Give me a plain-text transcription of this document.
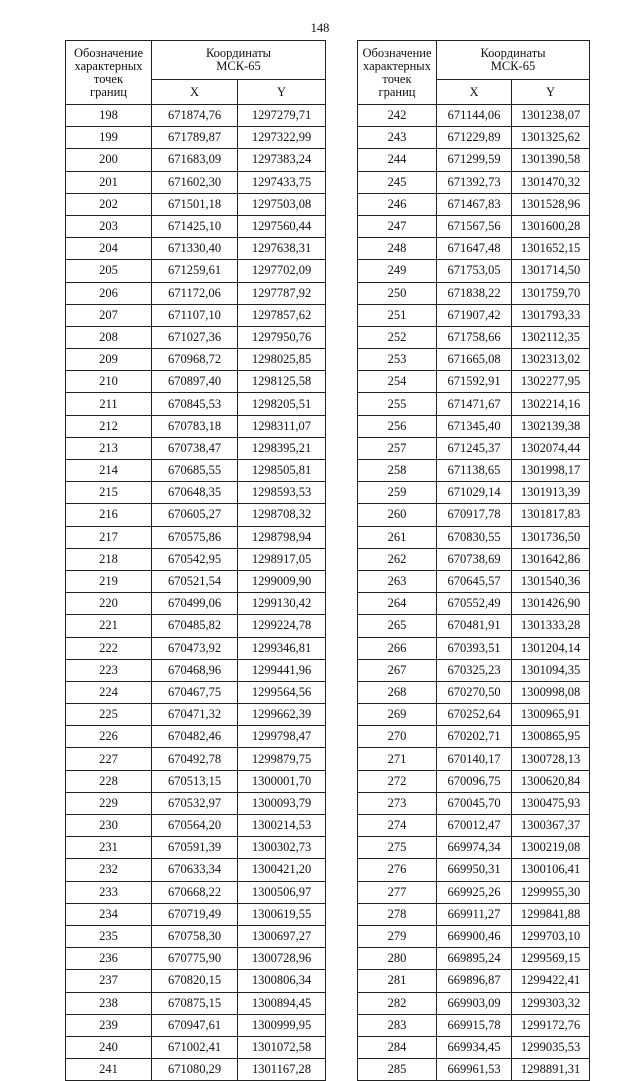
148
Обозначение
характерных
точек
границ	Координаты
МСК-65	
	X	Y
198	671874,76	1297279,71
199	671789,87	1297322,99
200	671683,09	1297383,24
201	671602,30	1297433,75
202	671501,18	1297503,08
203	671425,10	1297560,44
204	671330,40	1297638,31
205	671259,61	1297702,09
206	671172,06	1297787,92
207	671107,10	1297857,62
208	671027,36	1297950,76
209	670968,72	1298025,85
210	670897,40	1298125,58
211	670845,53	1298205,51
212	670783,18	1298311,07
213	670738,47	1298395,21
214	670685,55	1298505,81
215	670648,35	1298593,53
216	670605,27	1298708,32
217	670575,86	1298798,94
218	670542,95	1298917,05
219	670521,54	1299009,90
220	670499,06	1299130,42
221	670485,82	1299224,78
222	670473,92	1299346,81
223	670468,96	1299441,96
224	670467,75	1299564,56
225	670471,32	1299662,39
226	670482,46	1299798,47
227	670492,78	1299879,75
228	670513,15	1300001,70
229	670532,97	1300093,79
230	670564,20	1300214,53
231	670591,39	1300302,73
232	670633,34	1300421,20
233	670668,22	1300506,97
234	670719,49	1300619,55
235	670758,30	1300697,27
236	670775,90	1300728,96
237	670820,15	1300806,34
238	670875,15	1300894,45
239	670947,61	1300999,95
240	671002,41	1301072,58
241	671080,29	1301167,28
Обозначение
характерных
точек
границ	Координаты
МСК-65	
	X	Y
242	671144,06	1301238,07
243	671229,89	1301325,62
244	671299,59	1301390,58
245	671392,73	1301470,32
246	671467,83	1301528,96
247	671567,56	1301600,28
248	671647,48	1301652,15
249	671753,05	1301714,50
250	671838,22	1301759,70
251	671907,42	1301793,33
252	671758,66	1302112,35
253	671665,08	1302313,02
254	671592,91	1302277,95
255	671471,67	1302214,16
256	671345,40	1302139,38
257	671245,37	1302074,44
258	671138,65	1301998,17
259	671029,14	1301913,39
260	670917,78	1301817,83
261	670830,55	1301736,50
262	670738,69	1301642,86
263	670645,57	1301540,36
264	670552,49	1301426,90
265	670481,91	1301333,28
266	670393,51	1301204,14
267	670325,23	1301094,35
268	670270,50	1300998,08
269	670252,64	1300965,91
270	670202,71	1300865,95
271	670140,17	1300728,13
272	670096,75	1300620,84
273	670045,70	1300475,93
274	670012,47	1300367,37
275	669974,34	1300219,08
276	669950,31	1300106,41
277	669925,26	1299955,30
278	669911,27	1299841,88
279	669900,46	1299703,10
280	669895,24	1299569,15
281	669896,87	1299422,41
282	669903,09	1299303,32
283	669915,78	1299172,76
284	669934,45	1299035,53
285	669961,53	1298891,31
